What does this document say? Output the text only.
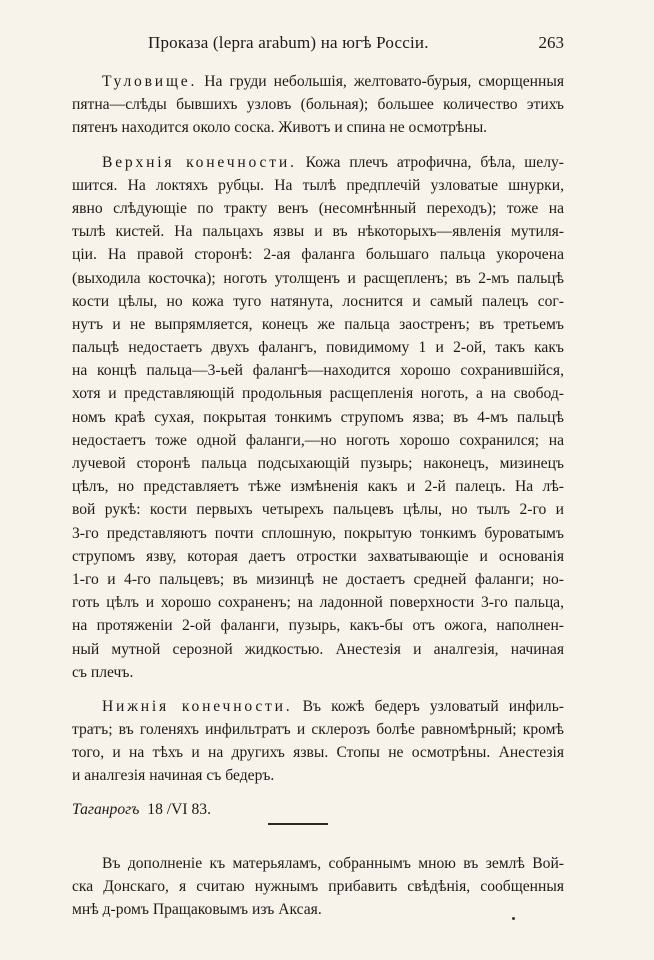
Проказа (lepra arabum) на югѣ Россіи.	263
Туловище. На груди небольшія, желтовато-бурыя, сморщенныя
пятна—слѣды бывшихъ узловъ (больная); большее количество этихъ
пятенъ находится около соска. Животъ и спина не осмотрѣны.
Верхнія конечности. Кожа плечъ атрофична, бѣла, шелу-
шится. На локтяхъ рубцы. На тылѣ предплечій узловатые шнурки,
явно слѣдующіе по тракту венъ (несомнѣнный переходъ); тоже на
тылѣ кистей. На пальцахъ язвы и въ нѣкоторыхъ—явленія мутиля-
ціи. На правой сторонѣ: 2-ая фаланга большаго пальца укорочена
(выходила косточка); ноготь утолщенъ и расщепленъ; въ 2-мъ пальцѣ
кости цѣлы, но кожа туго натянута, лоснится и самый палецъ сог-
нутъ и не выпрямляется, конецъ же пальца заостренъ; въ третьемъ
пальцѣ недостаетъ двухъ фалангъ, повидимому 1 и 2-ой, такъ какъ
на концѣ пальца—3-ьей фалангѣ—находится хорошо сохранившійся,
хотя и представляющій продольныя расщепленія ноготь, а на свобод-
номъ краѣ сухая, покрытая тонкимъ струпомъ язва; въ 4-мъ пальцѣ
недостаетъ тоже одной фаланги,—но ноготь хорошо сохранился; на
лучевой сторонѣ пальца подсыхающій пузырь; наконецъ, мизинецъ
цѣлъ, но представляетъ тѣже измѣненія какъ и 2-й палецъ. На лѣ-
вой рукѣ: кости первыхъ четырехъ пальцевъ цѣлы, но тылъ 2-го и
3-го представляютъ почти сплошную, покрытую тонкимъ буроватымъ
струпомъ язву, которая даетъ отростки захватывающіе и основанія
1-го и 4-го пальцевъ; въ мизинцѣ не достаетъ средней фаланги; но-
готь цѣлъ и хорошо сохраненъ; на ладонной поверхности 3-го пальца,
на протяженіи 2-ой фаланги, пузырь, какъ-бы отъ ожога, наполнен-
ный мутной серозной жидкостью. Анестезія и аналгезія, начиная
съ плечъ.
Нижнія конечности. Въ кожѣ бедеръ узловатый инфиль-
тратъ; въ голеняхъ инфильтратъ и склерозъ болѣе равномѣрный; кромѣ
того, и на тѣхъ и на другихъ язвы. Стопы не осмотрѣны. Анестезія
и аналгезія начиная съ бедеръ.
Таганрогъ 18 /VI 83.
Въ дополненіе къ матерьяламъ, собраннымъ мною въ землѣ Вой-
ска Донскаго, я считаю нужнымъ прибавить свѣдѣнія, сообщенныя
мнѣ д-ромъ Пращаковымъ изъ Аксая.
